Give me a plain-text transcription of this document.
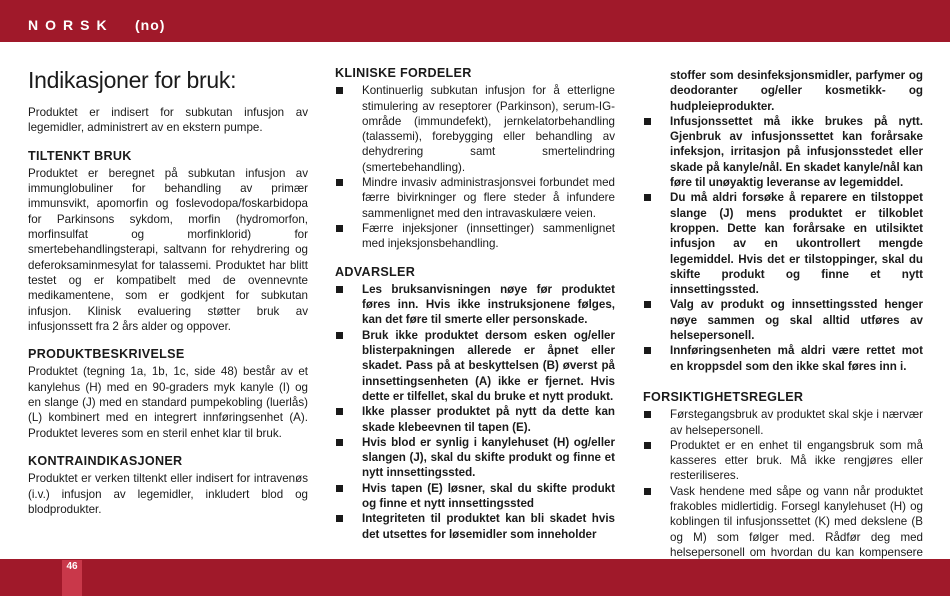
NORSK (no)
Indikasjoner for bruk:

Produktet er indisert for subkutan infusjon av legemidler, administrert av en ekstern pumpe.

TILTENKT BRUK

Produktet er beregnet på subkutan infusjon av immunglobuliner for behandling av primær immunsvikt, apomorfin og foslevodopa/foskarbidopa for Parkinsons sykdom, morfin (hydromorfon, morfinsulfat og morfinklorid) for smertebehandlingsterapi, saltvann for rehydrering og deferoksaminmesylat for talassemi. Produktet har blitt testet og er kompatibelt med de ovennevnte medikamentene, som er godkjent for subkutan infusjon. Klinisk evaluering støtter bruk av infusjonssett fra 2 års alder og oppover.

PRODUKTBESKRIVELSE

Produktet (tegning 1a, 1b, 1c, side 48) består av et kanylehus (H) med en 90-graders myk kanyle (I) og en slange (J) med en standard pumpekobling (luerlås) (L) kombinert med en integrert innføringsenhet (A). Produktet leveres som en steril enhet klar til bruk.

KONTRAINDIKASJONER

Produktet er verken tiltenkt eller indisert for intravenøs (i.v.) infusjon av legemidler, inkludert blod og blodprodukter.

KLINISKE FORDELER
Kontinuerlig subkutan infusjon for å etterligne stimulering av reseptorer (Parkinson), serum-IG-område (immundefekt), jernkelatorbehandling (talassemi), forebygging eller behandling av dehydrering samt smertelindring (smertebehandling).
Mindre invasiv administrasjonsvei forbundet med færre bivirkninger og flere steder å infundere sammenlignet med den intravaskulære veien.
Færre injeksjoner (innsettinger) sammenlignet med injeksjonsbehandling.
ADVARSLER
Les bruksanvisningen nøye før produktet føres inn. Hvis ikke instruksjonene følges, kan det føre til smerte eller personskade.
Bruk ikke produktet dersom esken og/eller blisterpakningen allerede er åpnet eller skadet. Pass på at beskyttelsen (B) øverst på innsettingsenheten (A) ikke er fjernet. Hvis dette er tilfellet, skal du bruke et nytt produkt.
Ikke plasser produktet på nytt da dette kan skade klebeevnen til tapen (E).
Hvis blod er synlig i kanylehuset (H) og/eller slangen (J), skal du skifte produkt og finne et nytt innsettingssted.
Hvis tapen (E) løsner, skal du skifte produkt og finne et nytt innsettingssted
Integriteten til produktet kan bli skadet hvis det utsettes for løsemidler som inneholder
stoffer som desinfeksjonsmidler, parfymer og deodoranter og/eller kosmetikk- og hudpleieprodukter.
Infusjonssettet må ikke brukes på nytt. Gjenbruk av infusjonssettet kan forårsake infeksjon, irritasjon på infusjonsstedet eller skade på kanyle/nål. En skadet kanyle/nål kan føre til unøyaktig leveranse av legemiddel.
Du må aldri forsøke å reparere en tilstoppet slange (J) mens produktet er tilkoblet kroppen. Dette kan forårsake en utilsiktet infusjon av en ukontrollert mengde legemiddel. Hvis det er tilstoppinger, skal du skifte produkt og finne et nytt innsettingssted.
Valg av produkt og innsettingssted henger nøye sammen og skal alltid utføres av helsepersonell.
Innføringsenheten må aldri være rettet mot en kroppsdel som den ikke skal føres inn i.
FORSIKTIGHETSREGLER
Førstegangsbruk av produktet skal skje i nærvær av helsepersonell.
Produktet er en enhet til engangsbruk som må kasseres etter bruk. Må ikke rengjøres eller resteriliseres.
Vask hendene med såpe og vann når produktet frakobles midlertidig. Forsegl kanylehuset (H) og koblingen til infusjonssettet (K) med dekslene (B og M) som følger med. Rådfør deg med helsepersonell om hvordan du kan kompensere
46
